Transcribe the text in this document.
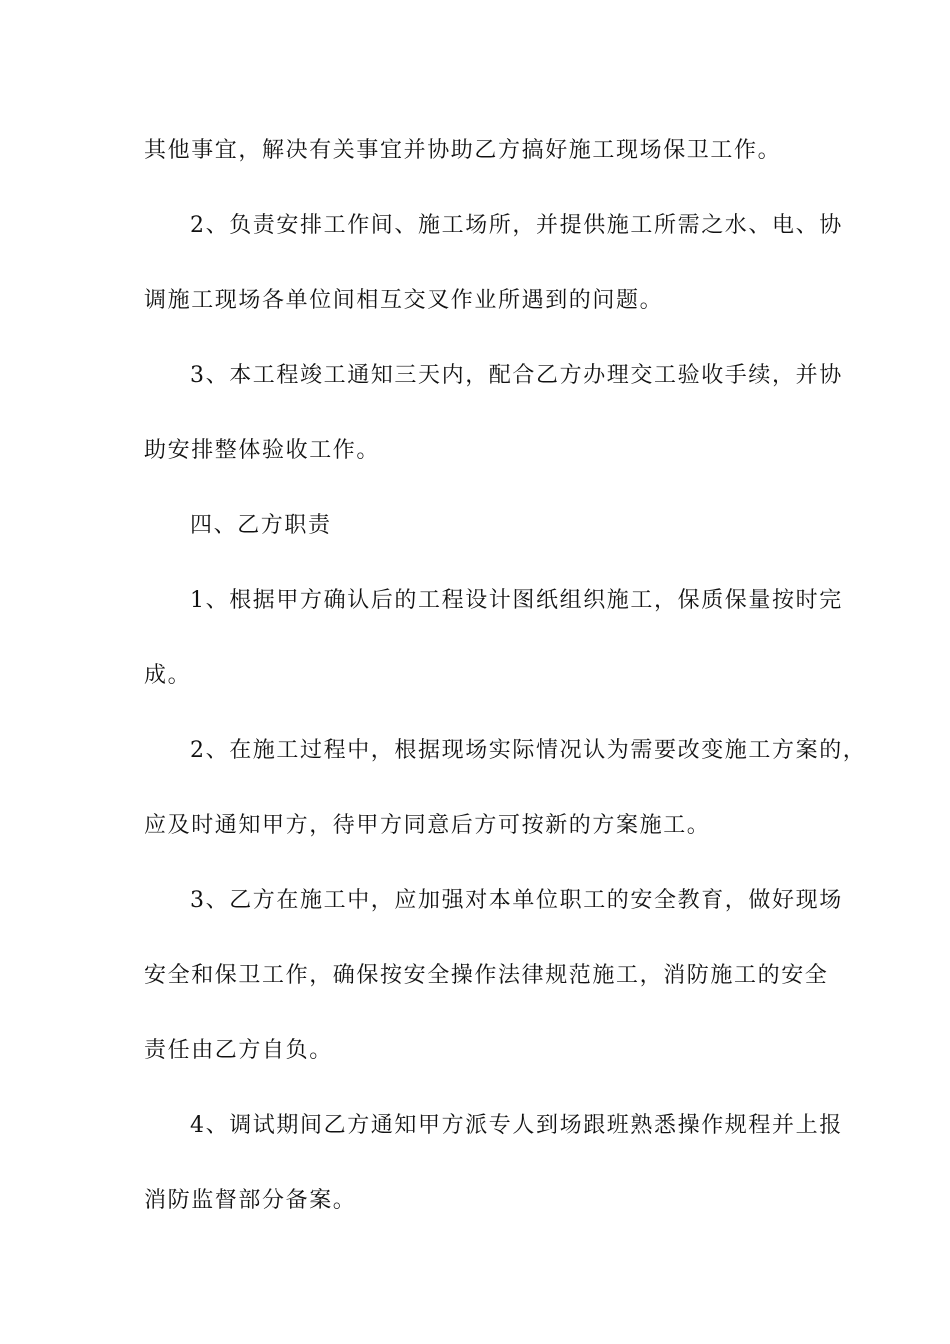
其他事宜，解决有关事宜并协助乙方搞好施工现场保卫工作。
2、负责安排工作间、施工场所，并提供施工所需之水、电、协
调施工现场各单位间相互交叉作业所遇到的问题。
3、本工程竣工通知三天内，配合乙方办理交工验收手续，并协
助安排整体验收工作。
四、乙方职责
1、根据甲方确认后的工程设计图纸组织施工，保质保量按时完
成。
2、在施工过程中，根据现场实际情况认为需要改变施工方案的，
应及时通知甲方，待甲方同意后方可按新的方案施工。
3、乙方在施工中，应加强对本单位职工的安全教育，做好现场
安全和保卫工作，确保按安全操作法律规范施工，消防施工的安全
责任由乙方自负。
4、调试期间乙方通知甲方派专人到场跟班熟悉操作规程并上报
消防监督部分备案。
